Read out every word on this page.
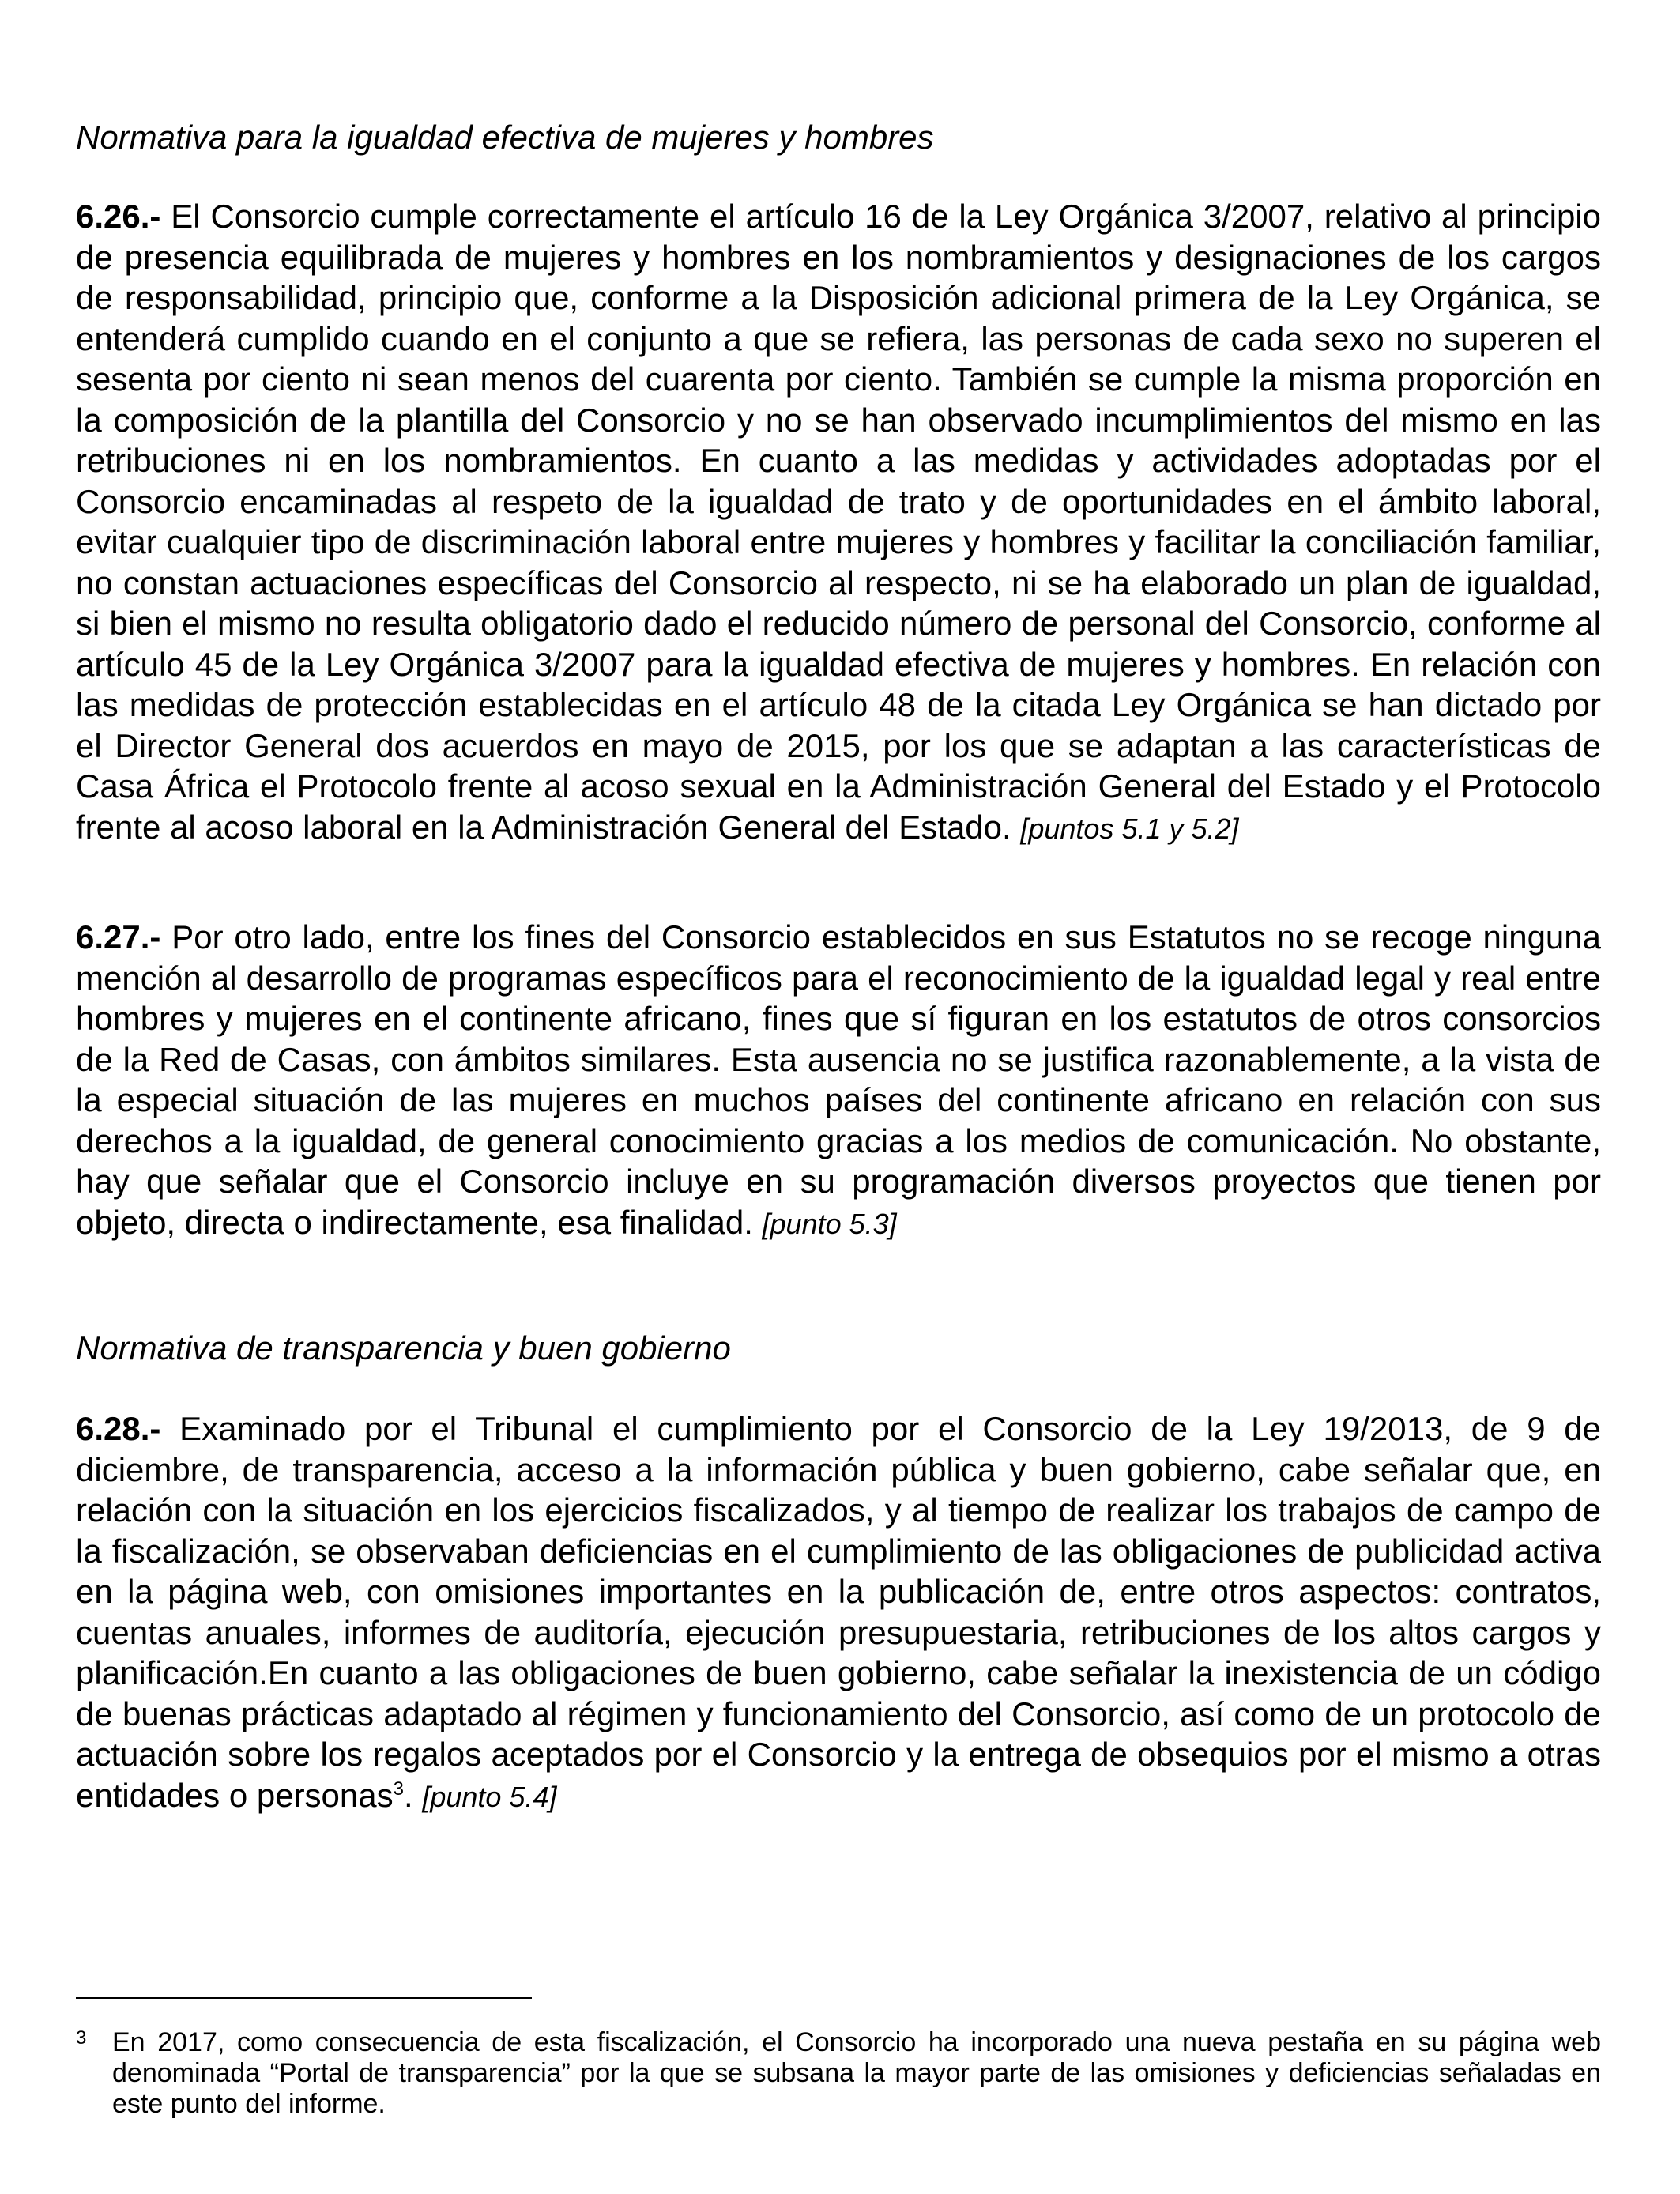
Normativa para la igualdad efectiva de mujeres y hombres

6.26.- El Consorcio cumple correctamente el artículo 16 de la Ley Orgánica 3/2007, relativo al principio de presencia equilibrada de mujeres y hombres en los nombramientos y designaciones de los cargos de responsabilidad, principio que, conforme a la Disposición adicional primera de la Ley Orgánica, se entenderá cumplido cuando en el conjunto a que se refiera, las personas de cada sexo no superen el sesenta por ciento ni sean menos del cuarenta por ciento. También se cumple la misma proporción en la composición de la plantilla del Consorcio y no se han observado incumplimientos del mismo en las retribuciones ni en los nombramientos. En cuanto a las medidas y actividades adoptadas por el Consorcio encaminadas al respeto de la igualdad de trato y de oportunidades en el ámbito laboral, evitar cualquier tipo de discriminación laboral entre mujeres y hombres y facilitar la conciliación familiar, no constan actuaciones específicas del Consorcio al respecto, ni se ha elaborado un plan de igualdad, si bien el mismo no resulta obligatorio dado el reducido número de personal del Consorcio, conforme al artículo 45 de la Ley Orgánica 3/2007 para la igualdad efectiva de mujeres y hombres. En relación con las medidas de protección establecidas en el artículo 48 de la citada Ley Orgánica se han dictado por el Director General dos acuerdos en mayo de 2015, por los que se adaptan a las características de Casa África el Protocolo frente al acoso sexual en la Administración General del Estado y el Protocolo frente al acoso laboral en la Administración General del Estado. [puntos 5.1 y 5.2]

6.27.- Por otro lado, entre los fines del Consorcio establecidos en sus Estatutos no se recoge ninguna mención al desarrollo de programas específicos para el reconocimiento de la igualdad legal y real entre hombres y mujeres en el continente africano, fines que sí figuran en los estatutos de otros consorcios de la Red de Casas, con ámbitos similares. Esta ausencia no se justifica razonablemente, a la vista de la especial situación de las mujeres en muchos países del continente africano en relación con sus derechos a la igualdad, de general conocimiento gracias a los medios de comunicación. No obstante, hay que señalar que el Consorcio incluye en su programación diversos proyectos que tienen por objeto, directa o indirectamente, esa finalidad. [punto 5.3]

Normativa de transparencia y buen gobierno

6.28.- Examinado por el Tribunal el cumplimiento por el Consorcio de la Ley 19/2013, de 9 de diciembre, de transparencia, acceso a la información pública y buen gobierno, cabe señalar que, en relación con la situación en los ejercicios fiscalizados, y al tiempo de realizar los trabajos de campo de la fiscalización, se observaban deficiencias en el cumplimiento de las obligaciones de publicidad activa en la página web, con omisiones importantes en la publicación de, entre otros aspectos: contratos, cuentas anuales, informes de auditoría, ejecución presupuestaria, retribuciones de los altos cargos y planificación.En cuanto a las obligaciones de buen gobierno, cabe señalar la inexistencia de un código de buenas prácticas adaptado al régimen y funcionamiento del Consorcio, así como de un protocolo de actuación sobre los regalos aceptados por el Consorcio y la entrega de obsequios por el mismo a otras entidades o personas$^3$. [punto 5.4]

3 En 2017, como consecuencia de esta fiscalización, el Consorcio ha incorporado una nueva pestaña en su página web denominada “Portal de transparencia” por la que se subsana la mayor parte de las omisiones y deficiencias señaladas en este punto del informe.
